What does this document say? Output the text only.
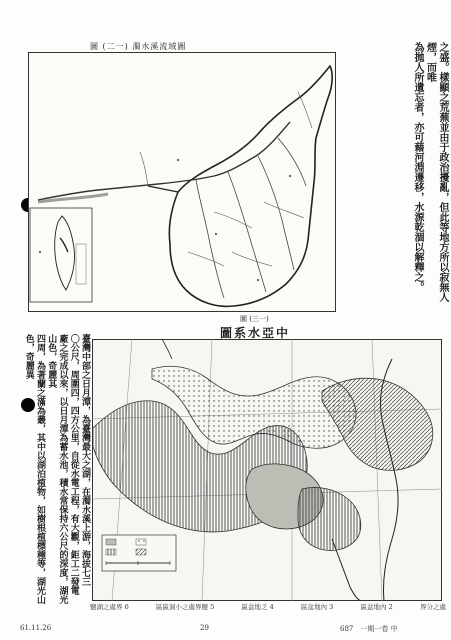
圖 (二一) 濁水溪流域圖	之盛。樣顯之荒蕪並由于政治擾亂，但此等地方所以寂無人煙，而唯
為拋人所遺忘者，亦可藉河淵遷移，水源乾涸以解釋之。
圖 (三一)
圖系水亞中
臺灣中部之日月潭，為臺灣最大之湖，在濁水溪上游，海拔七三
〇公尺，周圍四，四方公里，自從水電工程，有大觀，鉅工二發電
廠之完成以來，以日月潭為蓄水池，積水常保持六公尺的深度，湖光山色，奇麗其
四周，為著蘭之滿為叢，其中以湖泊植物，如樹根植標種等，湖光山色，奇麗異
鹽湖之處界 6	區區洞小之處界鹽 5	區盆地乏 4	區盆地內 3	區盆地內 2	界分之處
61.11.26	29	687　一期一卷 中
